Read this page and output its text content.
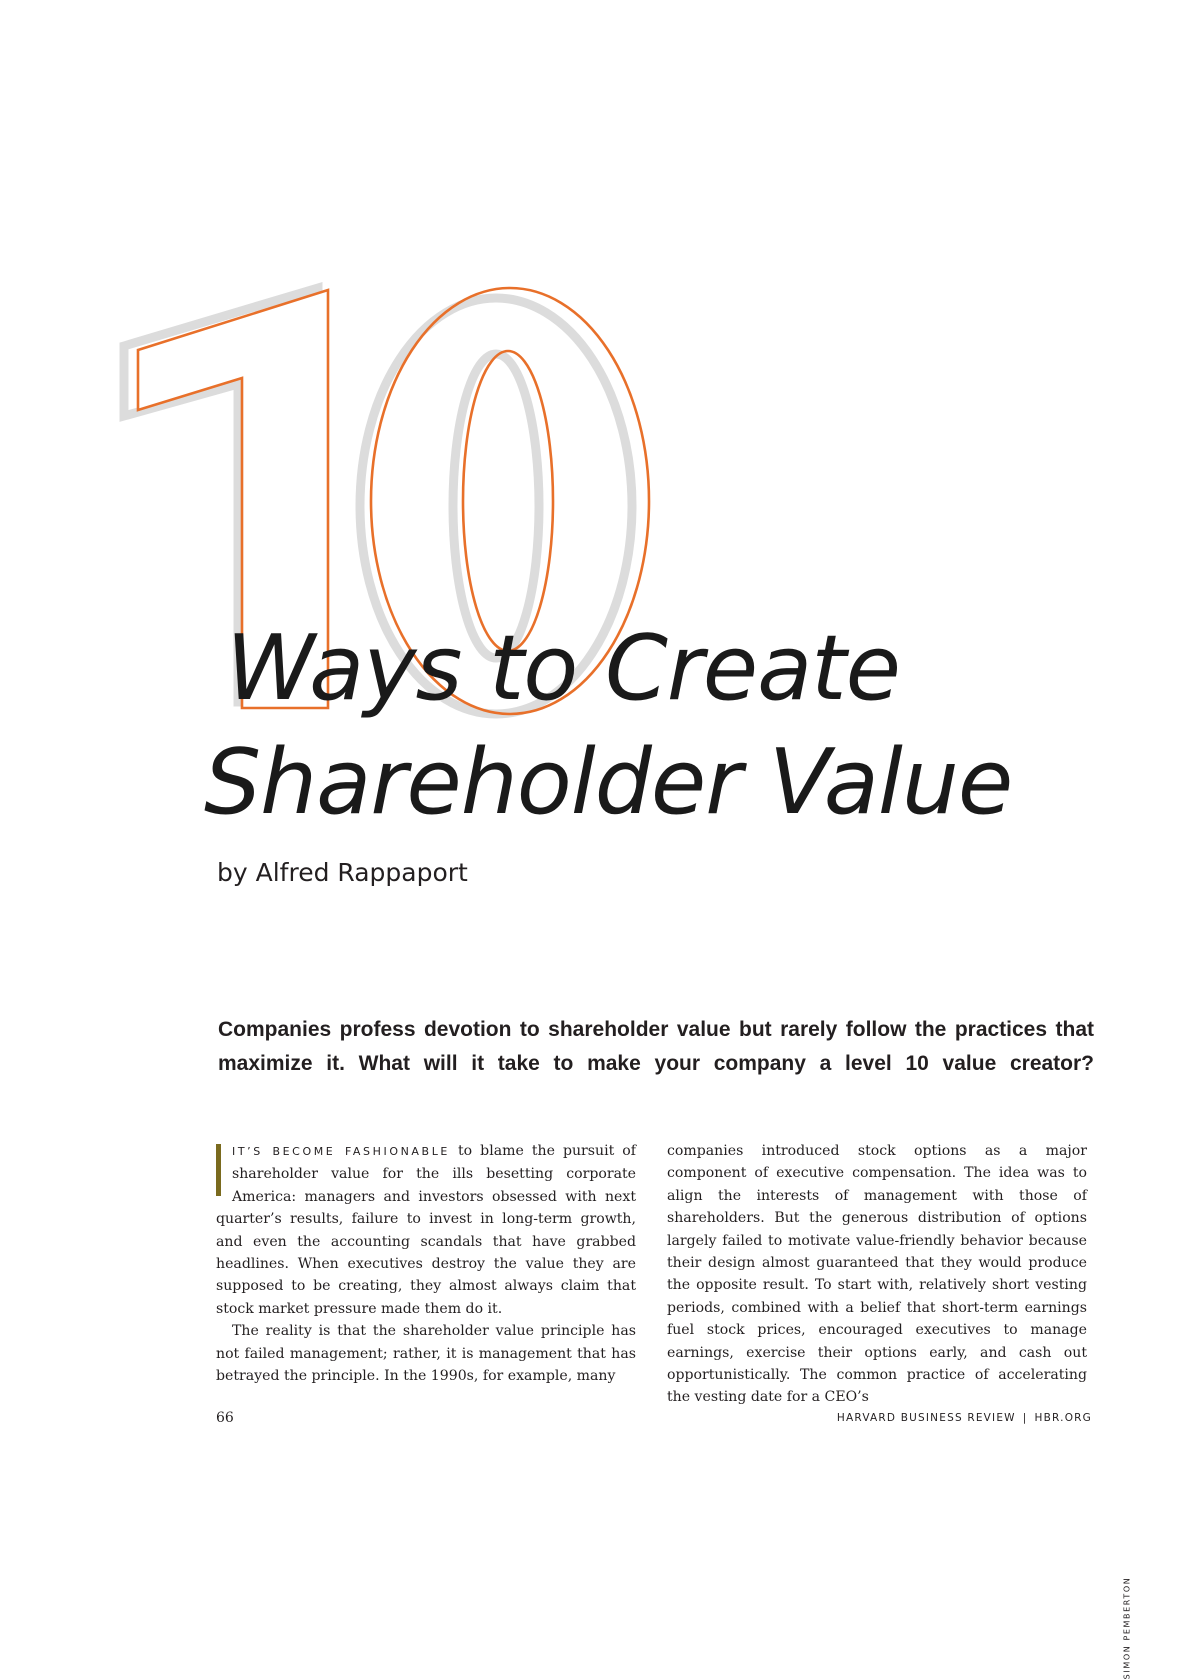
Ways to Create
Shareholder Value
by Alfred Rappaport

Companies profess devotion to shareholder value but rarely follow the practices that maximize it. What will it take to make your company a level 10 value creator?

IT’S BECOME FASHIONABLE to blame the pursuit of shareholder value for the ills besetting corporate America: managers and investors obsessed with next quarter’s results, failure to invest in long-term growth, and even the accounting scandals that have grabbed headlines. When executives destroy the value they are supposed to be creating, they almost always claim that stock market pressure made them do it.

The reality is that the shareholder value principle has not failed management; rather, it is management that has betrayed the principle. In the 1990s, for example, many

companies introduced stock options as a major component of executive compensation. The idea was to align the interests of management with those of shareholders. But the generous distribution of options largely failed to motivate value-friendly behavior because their design almost guaranteed that they would produce the opposite result. To start with, relatively short vesting periods, combined with a belief that short-term earnings fuel stock prices, encouraged executives to manage earnings, exercise their options early, and cash out opportunistically. The common practice of accelerating the vesting date for a CEO’s

SIMON PEMBERTON
66	HARVARD BUSINESS REVIEW | HBR.ORG
